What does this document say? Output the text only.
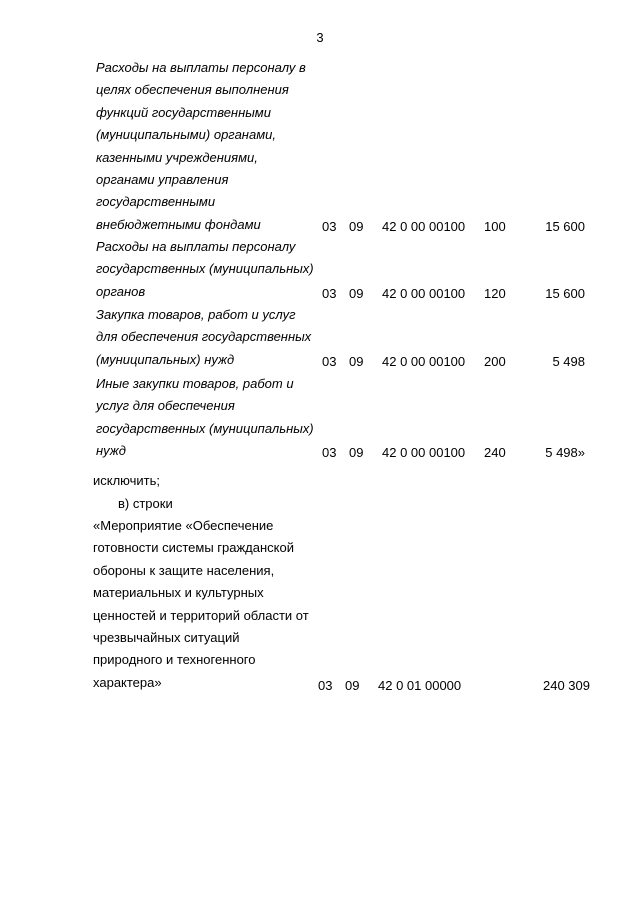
3
Расходы на выплаты персоналу в
целях обеспечения выполнения
функций государственными
(муниципальными) органами,
казенными учреждениями,
органами управления
государственными
внебюджетными фондами	03 09 42 0 00 00100 100	15 600
Расходы на выплаты персоналу
государственных (муниципальных)
органов	03 09 42 0 00 00100 120	15 600
Закупка товаров, работ и услуг
для обеспечения государственных
(муниципальных) нужд	03 09 42 0 00 00100 200	5 498
Иные закупки товаров, работ и
услуг для обеспечения
государственных (муниципальных)
нужд	03 09 42 0 00 00100 240	5 498»
исключить;
в) строки
«Мероприятие «Обеспечение
готовности системы гражданской
обороны к защите населения,
материальных и культурных
ценностей и территорий области от
чрезвычайных ситуаций
природного и техногенного
характера»	03 09 42 0 01 00000	240 309
